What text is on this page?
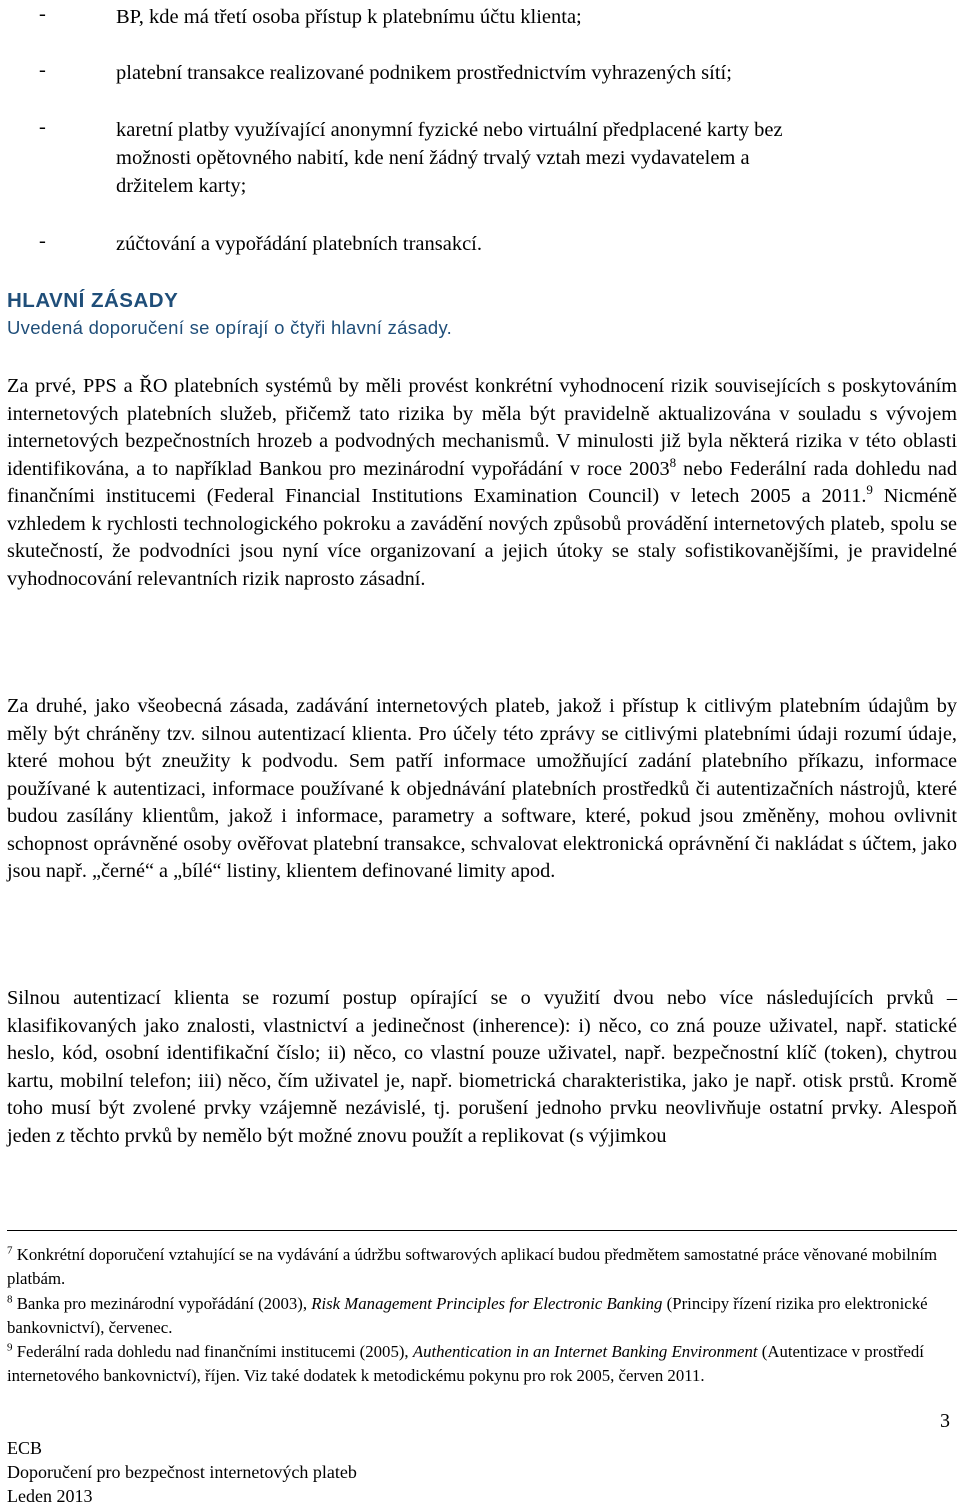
-	BP, kde má třetí osoba přístup k platebnímu účtu klienta;
-	platební transakce realizované podnikem prostřednictvím vyhrazených sítí;
-	karetní platby využívající anonymní fyzické nebo virtuální předplacené karty bez
možnosti opětovného nabití, kde není žádný trvalý vztah mezi vydavatelem a
držitelem karty;
-	zúčtování a vypořádání platebních transakcí.
HLAVNÍ ZÁSADY
Uvedená doporučení se opírají o čtyři hlavní zásady.
Za prvé, PPS a ŘO platebních systémů by měli provést konkrétní vyhodnocení rizik souvisejících s poskytováním internetových platebních služeb, přičemž tato rizika by měla být pravidelně aktualizována v souladu s vývojem internetových bezpečnostních hrozeb a podvodných mechanismů. V minulosti již byla některá rizika v této oblasti identifikována, a to například Bankou pro mezinárodní vypořádání v roce 2003$^8$ nebo Federální rada dohledu nad finančními institucemi (Federal Financial Institutions Examination Council) v letech 2005 a 2011.$^9$ Nicméně vzhledem k rychlosti technologického pokroku a zavádění nových způsobů provádění internetových plateb, spolu se skutečností, že podvodníci jsou nyní více organizovaní a jejich útoky se staly sofistikovanějšími, je pravidelné vyhodnocování relevantních rizik naprosto zásadní.
Za druhé, jako všeobecná zásada, zadávání internetových plateb, jakož i přístup k citlivým platebním údajům by měly být chráněny tzv. silnou autentizací klienta. Pro účely této zprávy se citlivými platebními údaji rozumí údaje, které mohou být zneužity k podvodu. Sem patří informace umožňující zadání platebního příkazu, informace používané k autentizaci, informace používané k objednávání platebních prostředků či autentizačních nástrojů, které budou zasílány klientům, jakož i informace, parametry a software, které, pokud jsou změněny, mohou ovlivnit schopnost oprávněné osoby ověřovat platební transakce, schvalovat elektronická oprávnění či nakládat s účtem, jako jsou např. „černé“ a „bílé“ listiny, klientem definované limity apod.
Silnou autentizací klienta se rozumí postup opírající se o využití dvou nebo více následujících prvků – klasifikovaných jako znalosti, vlastnictví a jedinečnost (inherence): i) něco, co zná pouze uživatel, např. statické heslo, kód, osobní identifikační číslo; ii) něco, co vlastní pouze uživatel, např. bezpečnostní klíč (token), chytrou kartu, mobilní telefon; iii) něco, čím uživatel je, např. biometrická charakteristika, jako je např. otisk prstů. Kromě toho musí být zvolené prvky vzájemně nezávislé, tj. porušení jednoho prvku neovlivňuje ostatní prvky. Alespoň jeden z těchto prvků by nemělo být možné znovu použít a replikovat (s výjimkou
$^7$ Konkrétní doporučení vztahující se na vydávání a údržbu softwarových aplikací budou předmětem samostatné práce věnované mobilním platbám.
$^8$ Banka pro mezinárodní vypořádání (2003), Risk Management Principles for Electronic Banking (Principy řízení rizika pro elektronické bankovnictví), červenec.
$^9$ Federální rada dohledu nad finančními institucemi (2005), Authentication in an Internet Banking Environment (Autentizace v prostředí internetového bankovnictví), říjen. Viz také dodatek k metodickému pokynu pro rok 2005, červen 2011.
3
ECB
Doporučení pro bezpečnost internetových plateb
Leden 2013
